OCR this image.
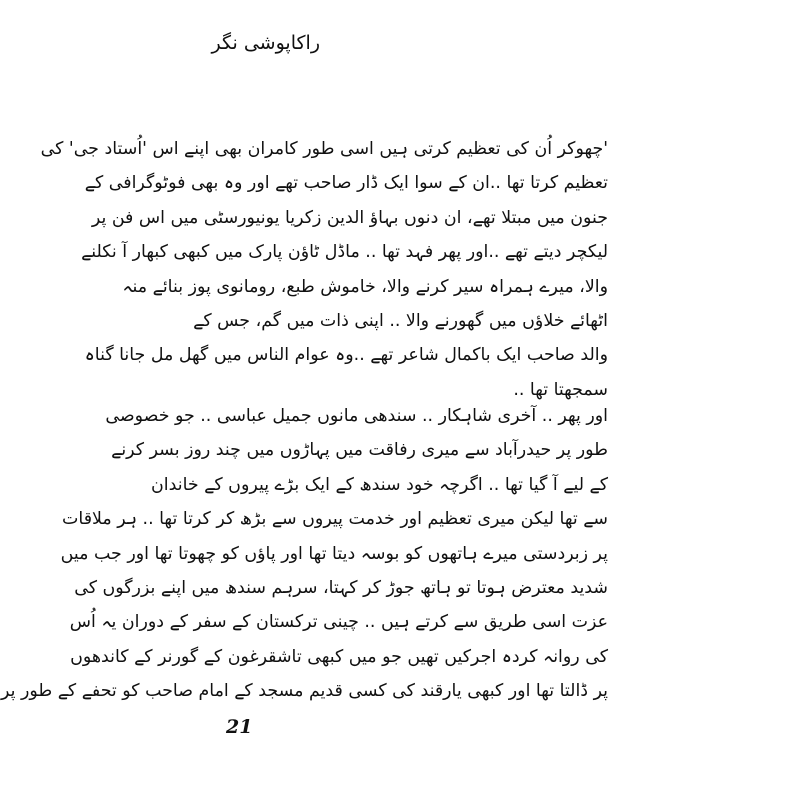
راکاپوشی نگر
'چھوکر اُن کی تعظیم کرتی ہیں اسی طور کامران بھی اپنے اس 'اُستاد جی' کی
تعظیم کرتا تھا ..ان کے سوا ایک ڈار صاحب تھے اور وہ بھی فوٹوگرافی کے
جنون میں مبتلا تھے، ان دنوں بہاؤ الدین زکریا یونیورسٹی میں اس فن پر
لیکچر دیتے تھے ..اور پھر فہد تھا .. ماڈل ٹاؤن پارک میں کبھی کبھار آ نکلنے
والا، میرے ہمراہ سیر کرنے والا، خاموش طبع، رومانوی پوز بنائے منہ
اٹھائے خلاؤں میں گھورنے والا .. اپنی ذات میں گم، جس کے
والد صاحب ایک باکمال شاعر تھے ..وہ عوام الناس میں گھل مل جانا گناہ
سمجھتا تھا ..
اور پھر .. آخری شاہکار .. سندھی مانوں جمیل عباسی .. جو خصوصی
طور پر حیدرآباد سے میری رفاقت میں پہاڑوں میں چند روز بسر کرنے
کے لیے آ گیا تھا .. اگرچہ خود سندھ کے ایک بڑے پیروں کے خاندان
سے تھا لیکن میری تعظیم اور خدمت پیروں سے بڑھ کر کرتا تھا .. ہر ملاقات
پر زبردستی میرے ہاتھوں کو بوسہ دیتا تھا اور پاؤں کو چھوتا تھا اور جب میں
شدید معترض ہوتا تو ہاتھ جوڑ کر کہتا، سرہم سندھ میں اپنے بزرگوں کی
عزت اسی طریق سے کرتے ہیں .. چینی ترکستان کے سفر کے دوران یہ اُس
کی روانہ کردہ اجرکیں تھیں جو میں کبھی تاشقرغون کے گورنر کے کاندھوں
پر ڈالتا تھا اور کبھی یارقند کی کسی قدیم مسجد کے امام صاحب کو تحفے کے طور پر
21
